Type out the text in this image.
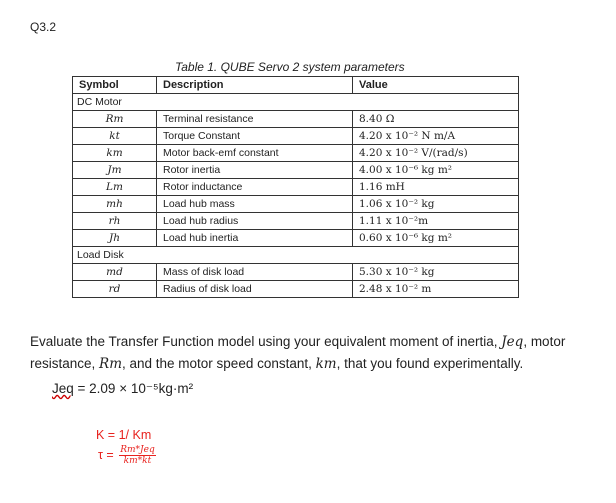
Q3.2
Table 1. QUBE Servo 2 system parameters
Symbol	Description	Value
DC Motor		
Rm	Terminal resistance	8.40 Ω
kt	Torque Constant	4.20 x 10⁻² N m/A
km	Motor back-emf constant	4.20 x 10⁻² V/(rad/s)
Jm	Rotor inertia	4.00 x 10⁻⁶ kg m²
Lm	Rotor inductance	1.16 mH
mh	Load hub mass	1.06 x 10⁻² kg
rh	Load hub radius	1.11 x 10⁻²m
Jh	Load hub inertia	0.60 x 10⁻⁶ kg m²
Load Disk		
md	Mass of disk load	5.30 x 10⁻² kg
rd	Radius of disk load	2.48 x 10⁻² m
Evaluate the Transfer Function model using your equivalent moment of inertia, Jeq, motor resistance, Rm, and the motor speed constant, km, that you found experimentally.
Jeq = 2.09 × 10⁻⁵kg·m²
K = 1/ Km
$\tau = \frac{\text{Rm*Jeq}}{km*kt}$
